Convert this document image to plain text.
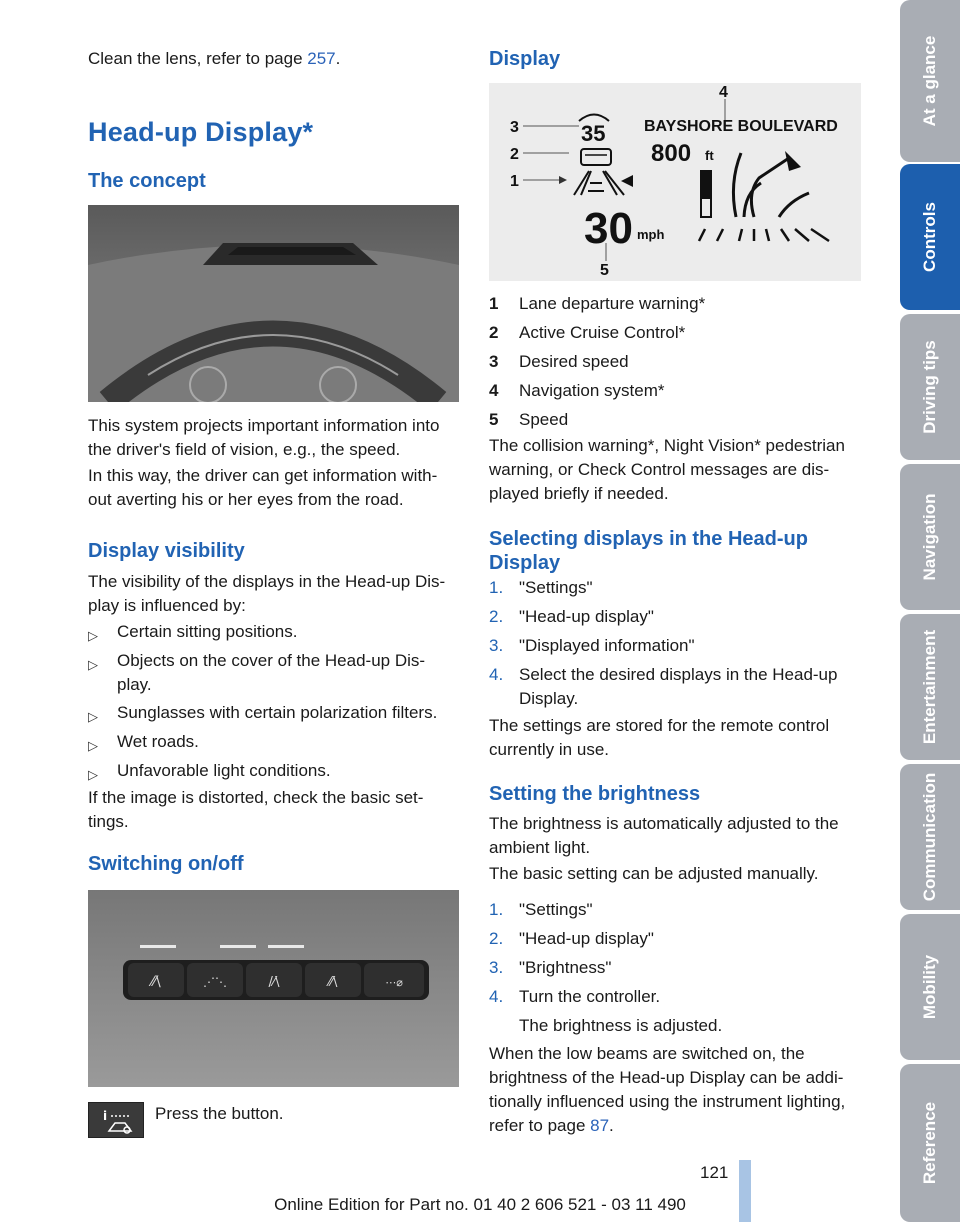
Clean the lens, refer to page 257.

Head-up Display*
The concept

This system projects important information into the driver's field of vision, e.g., the speed.

In this way, the driver can get information with-out averting his or her eyes from the road.

Display visibility

The visibility of the displays in the Head-up Dis-play is influenced by:

▷ Certain sitting positions.
▷ Objects on the cover of the Head-up Dis-play.
▷ Sunglasses with certain polarization filters.
▷ Wet roads.
▷ Unfavorable light conditions.

If the image is distorted, check the basic set-tings.

Switching on/off
⁄⁄\	⋰⋱	/⁄\	⁄⁄\	⋯⌀
i	Press the button.

Display
3
2
1
4
5
35
30 mph
BAYSHORE BOULEVARD
800 ft
1 Lane departure warning*
2 Active Cruise Control*
3 Desired speed
4 Navigation system*
5 Speed

The collision warning*, Night Vision* pedestrian warning, or Check Control messages are dis-played briefly if needed.

Selecting displays in the Head-up Display
1. "Settings"
2. "Head-up display"
3. "Displayed information"
4. Select the desired displays in the Head-up Display.

The settings are stored for the remote control currently in use.

Setting the brightness

The brightness is automatically adjusted to the ambient light.

The basic setting can be adjusted manually.

1. "Settings"
2. "Head-up display"
3. "Brightness"
4. Turn the controller.

The brightness is adjusted.

When the low beams are switched on, the brightness of the Head-up Display can be addi-tionally influenced using the instrument lighting, refer to page 87.

At a glance
Controls
Driving tips
Navigation
Entertainment
Communication
Mobility
Reference
121
Online Edition for Part no. 01 40 2 606 521 - 03 11 490
